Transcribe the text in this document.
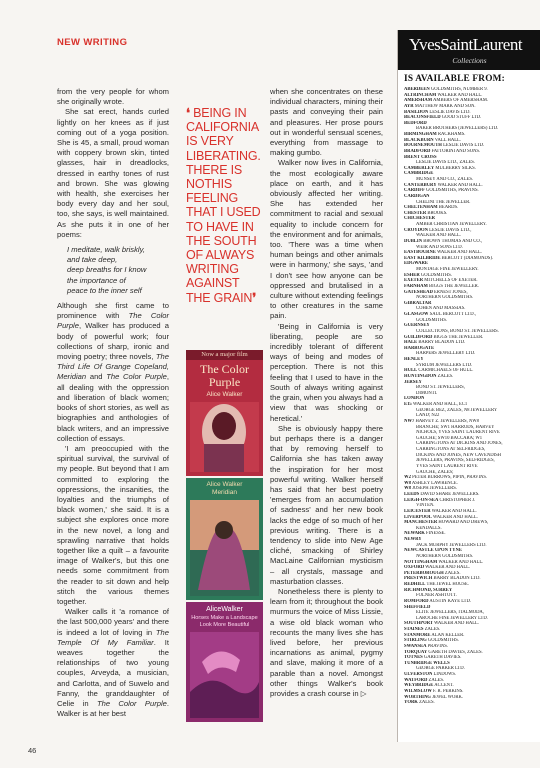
NEW WRITING

from the very people for whom she originally wrote.

She sat erect, hands curled lightly on her knees as if just coming out of a yoga position. She is 45, a small, proud woman with coppery brown skin, tinted glasses, hair in dreadlocks, dressed in earthy tones of rust and brown. She was glowing with health, she exercises her body every day and her soul, too, she says, is well maintained. As she puts it in one of her poems:

I meditate, walk briskly,
and take deep,
deep breaths for I know
the importance of
peace to the inner self

Although she first came to prominence with The Color Purple, Walker has produced a body of powerful work; four collections of sharp, ironic and moving poetry; three novels, The Third Life Of Grange Copeland, Meridian and The Color Purple, all dealing with the oppression and liberation of black women; books of short stories, as well as biographies and anthologies of black writers, and an impressive collection of essays.

'I am preoccupied with the spiritual survival, the survival of my people. But beyond that I am committed to exploring the oppressions, the insanities, the loyalties and the triumphs of black women,' she said. It is a subject she explores once more in the new novel, a long and sprawling narrative that holds together like a quilt – a favourite image of Walker's, but this one needs some commitment from the reader to sit down and help stitch the various themes together.

Walker calls it 'a romance of the last 500,000 years' and there is indeed a lot of loving in The Temple Of My Familiar. It weaves together the relationships of two young couples, Arveyda, a musician, and Carlotta, and of Suwelo and Fanny, the granddaughter of Celie in The Color Purple. Walker is at her best

❛ BEING IN CALIFORNIA IS VERY LIBERATING. THERE IS NOTHIS FEELING THAT I USED TO HAVE IN THE SOUTH OF ALWAYS WRITING AGAINST THE GRAIN❜
Now a major film
The Color Purple
Alice Walker
Alice Walker
Meridian
AliceWalker
Horses Make a Landscape Look More Beautiful

when she concentrates on these individual characters, mining their pasts and conveying their pain and pleasures. Her prose pours out in wonderful sensual scenes, everything from massage to making gumbo.

Walker now lives in California, the most ecologically aware place on earth, and it has obviously affected her writing. She has extended her commitment to racial and sexual equality to include concern for the environment and for animals, too. 'There was a time when human beings and other animals were in harmony,' she says, 'and I don't see how anyone can be oppressed and brutalised in a culture without extending feelings to other creatures in the same pain.

'Being in California is very liberating, people are so incredibly tolerant of different ways of being and modes of perception. There is not this feeling that I used to have in the South of always writing against the grain, when you always had a view that was shocking or heretical.'

She is obviously happy there but perhaps there is a danger that by removing herself to California she has taken away the inspiration for her most powerful writing. Walker herself has said that her best poetry 'emerges from an accumulation of sadness' and her new book lacks the edge of so much of her previous writing. There is a tendency to slide into New Age cliché, smacking of Shirley MacLaine Californian mysticism – all crystals, massage and masturbation classes.

Nonetheless there is plenty to learn from it; throughout the book murmurs the voice of Miss Lissie, a wise old black woman who recounts the many lives she has lived before, her previous incarnations as animal, pygmy and slave, making it more of a parable than a novel. Amongst other things Walker's book provides a crash course in ▷

YvesSaintLaurent
Collections
IS AVAILABLE FROM:
ABERDEEN GOLDSMITHS, NUMBER 9.
ALTRINCHAM WALKER AND HALL.
AMERSHAM AMBERS OF AMERSHAM.
AYR MATTHEW MARK AND SON.
BASILDON LESLIE DAVIS LTD.
BEACONSFIELD GOOD STUFF LTD.
BEDFORD
BAKER BROTHERS (JEWELLERS) LTD.
BIRMINGHAM RACKHAMS.
BLACKBURN VALL HALL.
BOURNEMOUTH LESLIE DAVIS LTD.
BRADFORD FATTORINI AND SONS.
BRENT CROSS
LESLIE DAVIS LTD., ZALES.
CAMBERLEY MULBERRY SILKS.
CAMBRIDGE
MUNSEY AND CO., ZALES.
CANTERBURY WALKER AND HALL.
CARDIFF GOLDSMITHS, PRAVINS.
CARDIGAN
CHELINI THE JEWELLER.
CHELTENHAM BEARDS.
CHESTER BROOKS.
CHICHESTER
AMBER CHRISTIAN JEWELLERY.
CROYDON LESLIE DAVIS LTD.,
WALKER AND HALL.
DUBLIN BROWN THOMAS AND CO.,
WEIR AND SONS LTD.
EASTBOURNE WALKER AND HALL.
EAST KILBRIDE BERCOTT (DIAMONDS).
EDGWARE
MONTAGE FINE JEWELLERY.
ESHER GOLDSMITHS.
EXETER MITCHELLS OF EXETER.
FARNHAM BIGGS THE JEWELLER.
GATESHEAD ERNEST JONES,
NORTHERN GOLDSMITHS.
GIBRALTAR
COHEN AND MASSIAS.
GLASGOW SAUL BERCOTT LTD.,
GOLDSMITHS.
GUERNSEY
COLLECTIONS, BOND ST. JEWELLERS.
GUILDFORD BIGGS THE JEWELLER.
HALE BARRY BLADON LTD.
HARROGATE
HARPERS JEWELLERY LTD.
HENLEY
SYRIUM JEWELLERS LTD.
HULL CARMICHAELS OF HULL.
HUNTINGDON ZALES.
JERSEY
BOND ST. JEWELLERS,
DIMONTI.
LONDON
E15 WALKER AND HALL, EC1
GEORGE BEZ, ZALES, N8 JEWELLERY
LAND; N22
NW7 HARVEY Z. JEWELLERS, NW8
BRANCHE; SW1 HARRODS, HARVEY
NICHOLS, YVES SAINT LAURENT RIVE
GAUCHE; SW10 BACCARA; W1
CARRINGTONS AT DICKINS AND JONES,
CARRINGTONS AT SELFRIDGES,
DICKINS AND JONES, NEW CAVENDISH
JEWELLERS, PRAVINS, SELFRIDGES,
YVES SAINT LAURENT RIVE
GAUCHE, ZALES;
W2 PETER BURROWS, PIPIN, PRAVINS.
W8 ASHLEY LAWRENCE.
W8 JOSEPH JEWELLERS.
LEEDS DAVID SHARE JEWELLERS.
LEIGH-ON-SEA CHRISTOPHER J.
VINTEN.
LEICESTER WALKER AND HALL.
LIVERPOOL WALKER AND HALL.
MANCHESTER HOWARD AND DREWS,
KENDALLS.
NEWARK FINESSE.
NEWRY
JACK MURPHY JEWELLERS LTD.
NEWCASTLE UPON TYNE
NORTHERN GOLDSMITHS.
NOTTINGHAM WALKER AND HALL.
OXFORD WALKER AND HALL.
PETERBOROUGH ZALES.
PRESTWICH BARRY BLADON LTD.
REDHILL THE JEWEL HOUSE.
RICHMOND, SURREY
FOLNER ASHTOTT.
ROMFORD AUSTIN KAYE LTD.
SHEFFIELD
ELITE JEWELLERS, ITALMODA,
LAROCHE FINE JEWELLERY LTD.
SOUTHPORT WALKER AND HALL.
STAINES ZALES.
STANMORE ALAN KELLER.
STIRLING GOLDSMITHS.
SWANSEA PRAVINS.
TORQUAY GARETH DAVIES, ZALES.
TOTNES GARETH DAVIES.
TUNBRIDGE WELLS
GEORGE PARKER LTD.
ULVERSTON LINDOWS.
WATFORD ZALES.
WEYBRIDGE ACCENT.
WILMSLOW F. R. PERKINS.
WORTHING JEWEL WORK.
YORK ZALES.
46
